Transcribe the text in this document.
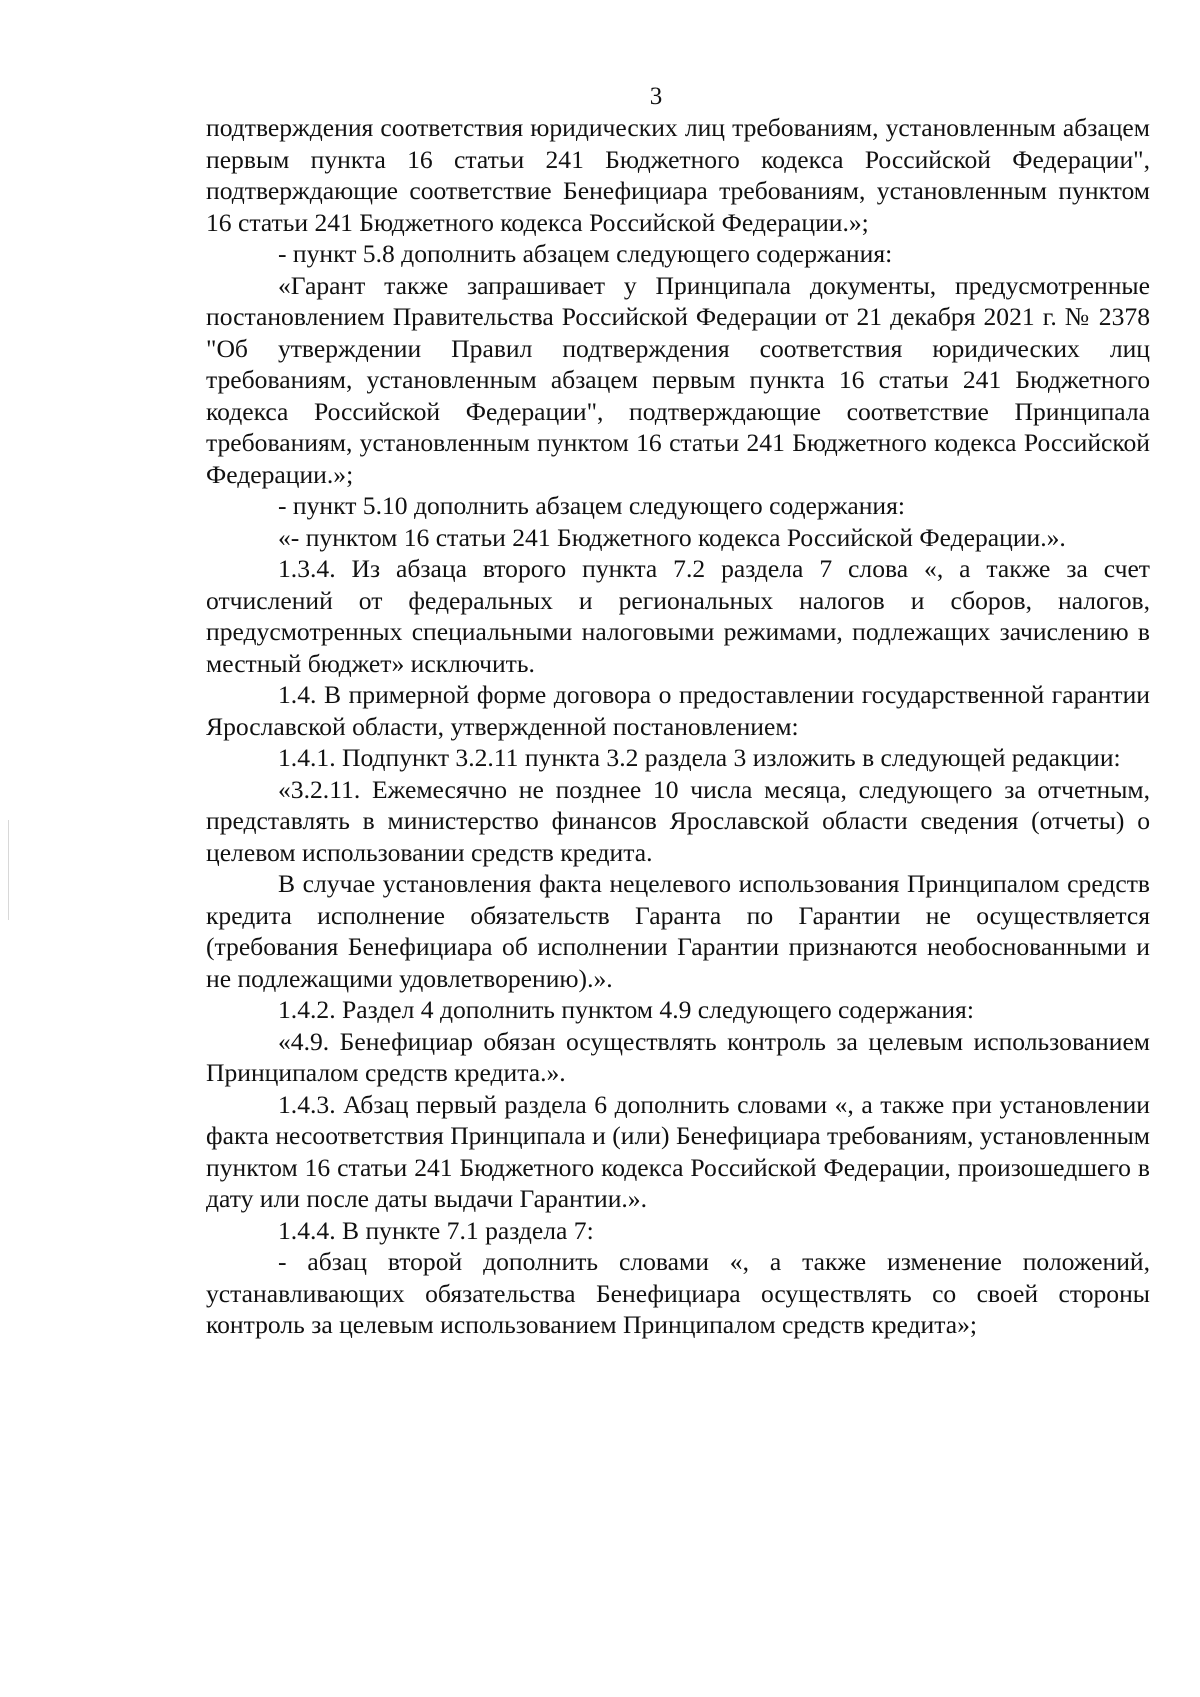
3

подтверждения соответствия юридических лиц требованиям, установленным абзацем первым пункта 16 статьи 241 Бюджетного кодекса Российской Федерации", подтверждающие соответствие Бенефициара требованиям, установленным пунктом 16 статьи 241 Бюджетного кодекса Российской Федерации.»;

- пункт 5.8 дополнить абзацем следующего содержания:

«Гарант также запрашивает у Принципала документы, предусмотренные постановлением Правительства Российской Федерации от 21 декабря 2021 г. № 2378 "Об утверждении Правил подтверждения соответствия юридических лиц требованиям, установленным абзацем первым пункта 16 статьи 241 Бюджетного кодекса Российской Федерации", подтверждающие соответствие Принципала требованиям, установленным пунктом 16 статьи 241 Бюджетного кодекса Российской Федерации.»;

- пункт 5.10 дополнить абзацем следующего содержания:

«- пунктом 16 статьи 241 Бюджетного кодекса Российской Федерации.».

1.3.4. Из абзаца второго пункта 7.2 раздела 7 слова «, а также за счет отчислений от федеральных и региональных налогов и сборов, налогов, предусмотренных специальными налоговыми режимами, подлежащих зачислению в местный бюджет» исключить.

1.4. В примерной форме договора о предоставлении государственной гарантии Ярославской области, утвержденной постановлением:

1.4.1. Подпункт 3.2.11 пункта 3.2 раздела 3 изложить в следующей редакции:

«3.2.11. Ежемесячно не позднее 10 числа месяца, следующего за отчетным, представлять в министерство финансов Ярославской области сведения (отчеты) о целевом использовании средств кредита.

В случае установления факта нецелевого использования Принципалом средств кредита исполнение обязательств Гаранта по Гарантии не осуществляется (требования Бенефициара об исполнении Гарантии признаются необоснованными и не подлежащими удовлетворению).».

1.4.2. Раздел 4 дополнить пунктом 4.9 следующего содержания:

«4.9. Бенефициар обязан осуществлять контроль за целевым использованием Принципалом средств кредита.».

1.4.3. Абзац первый раздела 6 дополнить словами «, а также при установлении факта несоответствия Принципала и (или) Бенефициара требованиям, установленным пунктом 16 статьи 241 Бюджетного кодекса Российской Федерации, произошедшего в дату или после даты выдачи Гарантии.».

1.4.4. В пункте 7.1 раздела 7:

- абзац второй дополнить словами «, а также изменение положений, устанавливающих обязательства Бенефициара осуществлять со своей стороны контроль за целевым использованием Принципалом средств кредита»;
